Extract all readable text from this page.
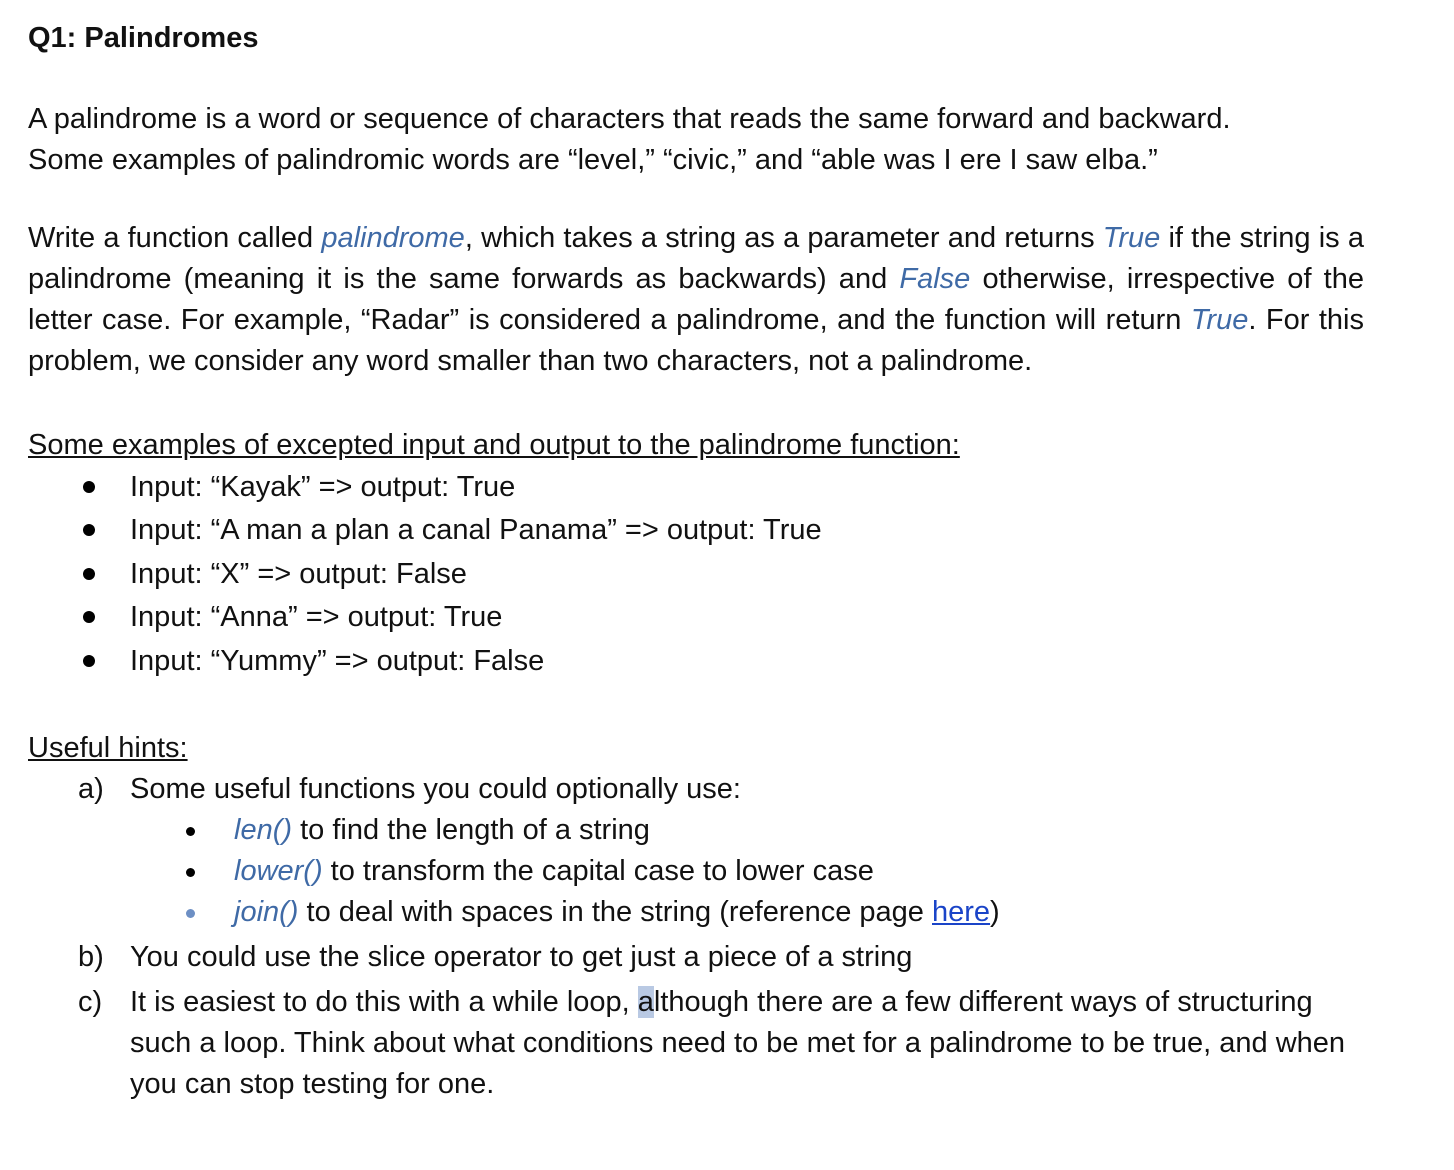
Q1: Palindromes

A palindrome is a word or sequence of characters that reads the same forward and backward.
Some examples of palindromic words are “level,” “civic,” and “able was I ere I saw elba.”

Write a function called palindrome, which takes a string as a parameter and returns True if the string is a palindrome (meaning it is the same forwards as backwards) and False otherwise, irrespective of the letter case. For example, “Radar” is considered a palindrome, and the function will return True. For this problem, we consider any word smaller than two characters, not a palindrome.

Some examples of excepted input and output to the palindrome function:

Input: “Kayak” => output: True
Input: “A man a plan a canal Panama” => output: True
Input: “X” => output: False
Input: “Anna” => output: True
Input: “Yummy” => output: False

Useful hints:

a) Some useful functions you could optionally use:
len() to find the length of a string
lower() to transform the capital case to lower case
join() to deal with spaces in the string (reference page here)
b) You could use the slice operator to get just a piece of a string
c) It is easiest to do this with a while loop, although there are a few different ways of structuring such a loop. Think about what conditions need to be met for a palindrome to be true, and when you can stop testing for one.
